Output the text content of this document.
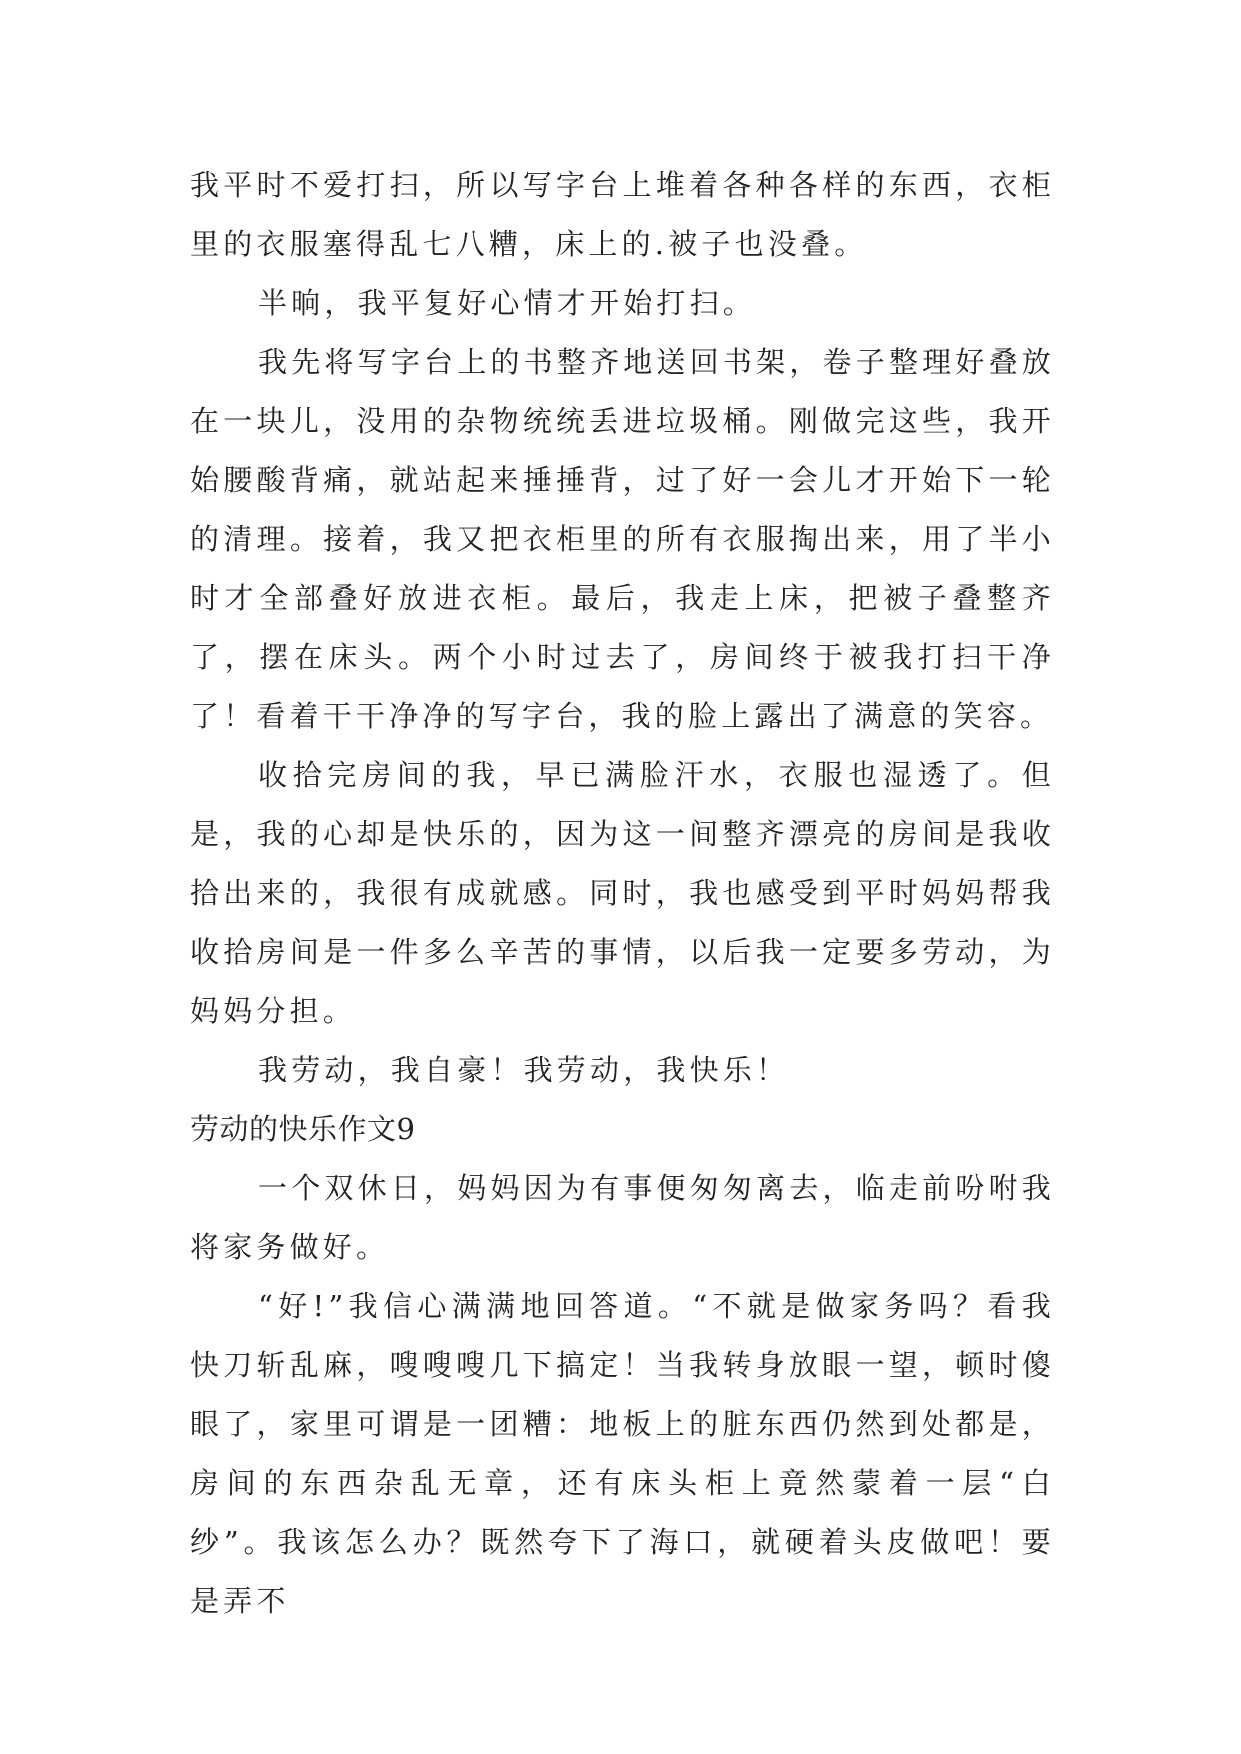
我平时不爱打扫，所以写字台上堆着各种各样的东西，衣柜里的衣服塞得乱七八糟，床上的.被子也没叠。

半晌，我平复好心情才开始打扫。

我先将写字台上的书整齐地送回书架，卷子整理好叠放在一块儿，没用的杂物统统丢进垃圾桶。刚做完这些，我开始腰酸背痛，就站起来捶捶背，过了好一会儿才开始下一轮的清理。接着，我又把衣柜里的所有衣服掏出来，用了半小时才全部叠好放进衣柜。最后，我走上床，把被子叠整齐了，摆在床头。两个小时过去了，房间终于被我打扫干净了！看着干干净净的写字台，我的脸上露出了满意的笑容。

收拾完房间的我，早已满脸汗水，衣服也湿透了。但是，我的心却是快乐的，因为这一间整齐漂亮的房间是我收拾出来的，我很有成就感。同时，我也感受到平时妈妈帮我收拾房间是一件多么辛苦的事情，以后我一定要多劳动，为妈妈分担。

我劳动，我自豪！我劳动，我快乐！

劳动的快乐作文9

一个双休日，妈妈因为有事便匆匆离去，临走前吩咐我将家务做好。

“好!”我信心满满地回答道。“不就是做家务吗？看我快刀斩乱麻，嗖嗖嗖几下搞定！当我转身放眼一望，顿时傻眼了，家里可谓是一团糟：地板上的脏东西仍然到处都是，房间的东西杂乱无章，还有床头柜上竟然蒙着一层“白纱”。我该怎么办？既然夸下了海口，就硬着头皮做吧！要是弄不
